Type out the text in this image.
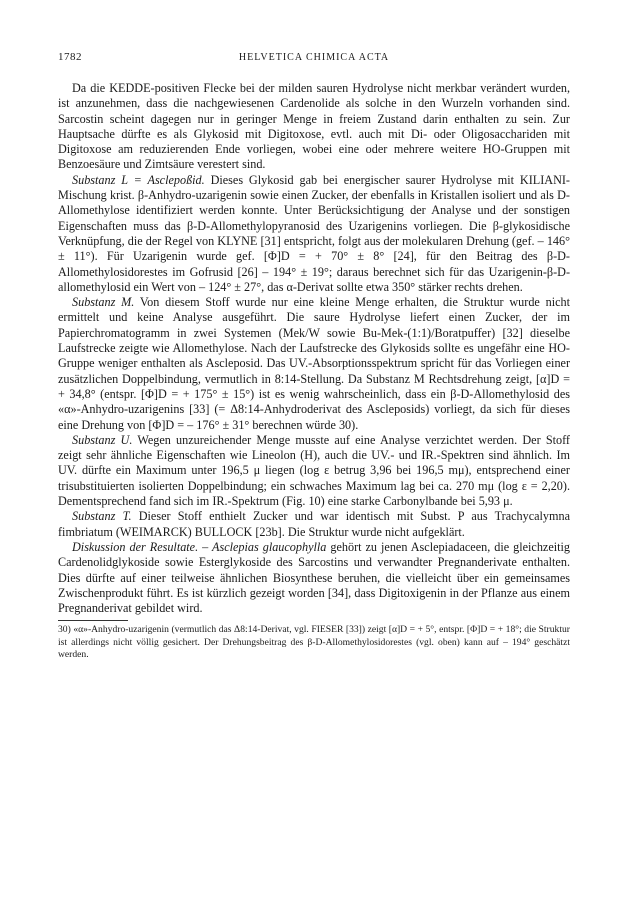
1782	HELVETICA CHIMICA ACTA

Da die KEDDE-positiven Flecke bei der milden sauren Hydrolyse nicht merkbar verändert wurden, ist anzunehmen, dass die nachgewiesenen Cardenolide als solche in den Wurzeln vorhanden sind. Sarcostin scheint dagegen nur in geringer Menge in freiem Zustand darin enthalten zu sein. Zur Hauptsache dürfte es als Glykosid mit Digitoxose, evtl. auch mit Di- oder Oligosacchariden mit Digitoxose am reduzierenden Ende vorliegen, wobei eine oder mehrere weitere HO-Gruppen mit Benzoesäure und Zimtsäure verestert sind.

Substanz L = Asclepoßid. Dieses Glykosid gab bei energischer saurer Hydrolyse mit KILIANI-Mischung krist. β-Anhydro-uzarigenin sowie einen Zucker, der ebenfalls in Kristallen isoliert und als D-Allomethylose identifiziert werden konnte. Unter Berücksichtigung der Analyse und der sonstigen Eigenschaften muss das β-D-Allomethylopyranosid des Uzarigenins vorliegen. Die β-glykosidische Verknüpfung, die der Regel von KLYNE [31] entspricht, folgt aus der molekularen Drehung (gef. – 146° ± 11°). Für Uzarigenin wurde gef. [Φ]D = + 70° ± 8° [24], für den Beitrag des β-D-Allomethylosidorestes im Gofrusid [26] – 194° ± 19°; daraus berechnet sich für das Uzarigenin-β-D-allomethylosid ein Wert von – 124° ± 27°, das α-Derivat sollte etwa 350° stärker rechts drehen.

Substanz M. Von diesem Stoff wurde nur eine kleine Menge erhalten, die Struktur wurde nicht ermittelt und keine Analyse ausgeführt. Die saure Hydrolyse liefert einen Zucker, der im Papierchromatogramm in zwei Systemen (Mek/W sowie Bu-Mek-(1:1)/Boratpuffer) [32] dieselbe Laufstrecke zeigte wie Allomethylose. Nach der Laufstrecke des Glykosids sollte es ungefähr eine HO-Gruppe weniger enthalten als Ascleposid. Das UV.-Absorptionsspektrum spricht für das Vorliegen einer zusätzlichen Doppelbindung, vermutlich in 8:14-Stellung. Da Substanz M Rechtsdrehung zeigt, [α]D = + 34,8° (entspr. [Φ]D = + 175° ± 15°) ist es wenig wahrscheinlich, dass ein β-D-Allomethylosid des «α»-Anhydro-uzarigenins [33] (= Δ8:14-Anhydroderivat des Ascleposids) vorliegt, da sich für dieses eine Drehung von [Φ]D = – 176° ± 31° berechnen würde 30).

Substanz U. Wegen unzureichender Menge musste auf eine Analyse verzichtet werden. Der Stoff zeigt sehr ähnliche Eigenschaften wie Lineolon (H), auch die UV.- und IR.-Spektren sind ähnlich. Im UV. dürfte ein Maximum unter 196,5 μ liegen (log ε betrug 3,96 bei 196,5 mμ), entsprechend einer trisubstituierten isolierten Doppelbindung; ein schwaches Maximum lag bei ca. 270 mμ (log ε = 2,20). Dementsprechend fand sich im IR.-Spektrum (Fig. 10) eine starke Carbonylbande bei 5,93 μ.

Substanz T. Dieser Stoff enthielt Zucker und war identisch mit Subst. P aus Trachycalymna fimbriatum (WEIMARCK) BULLOCK [23b]. Die Struktur wurde nicht aufgeklärt.

Diskussion der Resultate. – Asclepias glaucophylla gehört zu jenen Asclepiadaceen, die gleichzeitig Cardenolidglykoside sowie Esterglykoside des Sarcostins und verwandter Pregnanderivate enthalten. Dies dürfte auf einer teilweise ähnlichen Biosynthese beruhen, die vielleicht über ein gemeinsames Zwischenprodukt führt. Es ist kürzlich gezeigt worden [34], dass Digitoxigenin in der Pflanze aus einem Pregnanderivat gebildet wird.

30) «α»-Anhydro-uzarigenin (vermutlich das Δ8:14-Derivat, vgl. FIESER [33]) zeigt [α]D = + 5°, entspr. [Φ]D = + 18°; die Struktur ist allerdings nicht völlig gesichert. Der Drehungsbeitrag des β-D-Allomethylosidorestes (vgl. oben) kann auf – 194° geschätzt werden.
